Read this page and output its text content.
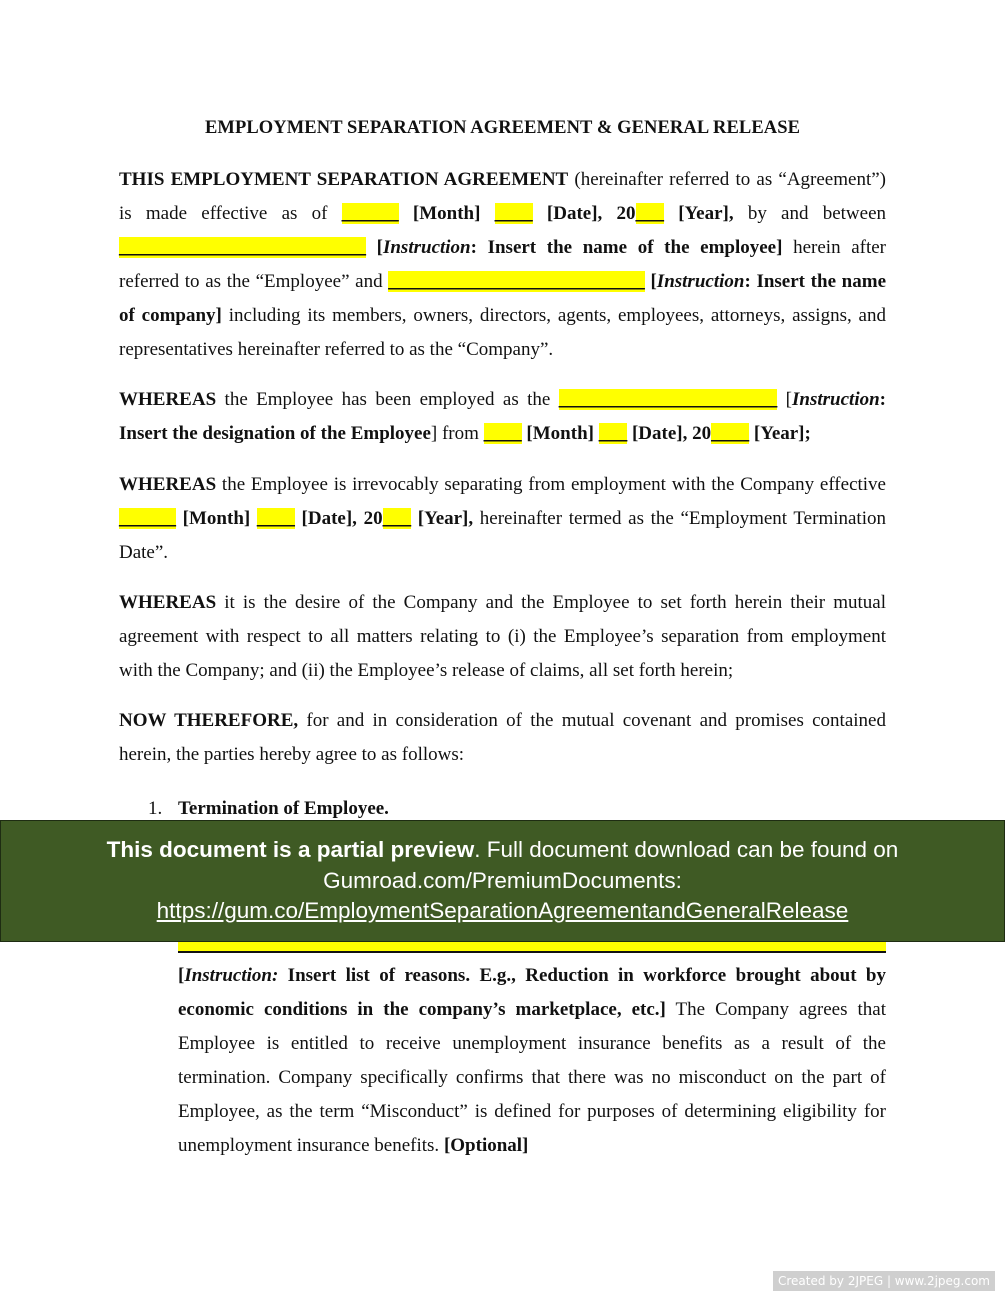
EMPLOYMENT SEPARATION AGREEMENT & GENERAL RELEASE
THIS EMPLOYMENT SEPARATION AGREEMENT (hereinafter referred to as “Agreement”) is made effective as of ______ [Month] ____ [Date], 20___ [Year], by and between __________________________ [Instruction: Insert the name of the employee] herein after referred to as the “Employee” and ___________________________ [Instruction: Insert the name of company] including its members, owners, directors, agents, employees, attorneys, assigns, and representatives hereinafter referred to as the “Company”.
WHEREAS the Employee has been employed as the _______________________ [Instruction: Insert the designation of the Employee] from ____ [Month] ___ [Date], 20____ [Year];
WHEREAS the Employee is irrevocably separating from employment with the Company effective ______ [Month] ____ [Date], 20___ [Year], hereinafter termed as the “Employment Termination Date”.
WHEREAS it is the desire of the Company and the Employee to set forth herein their mutual agreement with respect to all matters relating to (i) the Employee’s separation from employment with the Company; and (ii) the Employee’s release of claims, all set forth herein;
NOW THEREFORE, for and in consideration of the mutual covenant and promises contained herein, the parties hereby agree to as follows:
1. Termination of Employee.
[Instruction: Insert list of reasons. E.g., Reduction in workforce brought about by economic conditions in the company’s marketplace, etc.] The Company agrees that Employee is entitled to receive unemployment insurance benefits as a result of the termination. Company specifically confirms that there was no misconduct on the part of Employee, as the term “Misconduct” is defined for purposes of determining eligibility for unemployment insurance benefits. [Optional]
This document is a partial preview. Full document download can be found on
Gumroad.com/PremiumDocuments:
https://gum.co/EmploymentSeparationAgreementandGeneralRelease
Created by 2JPEG | www.2jpeg.com
